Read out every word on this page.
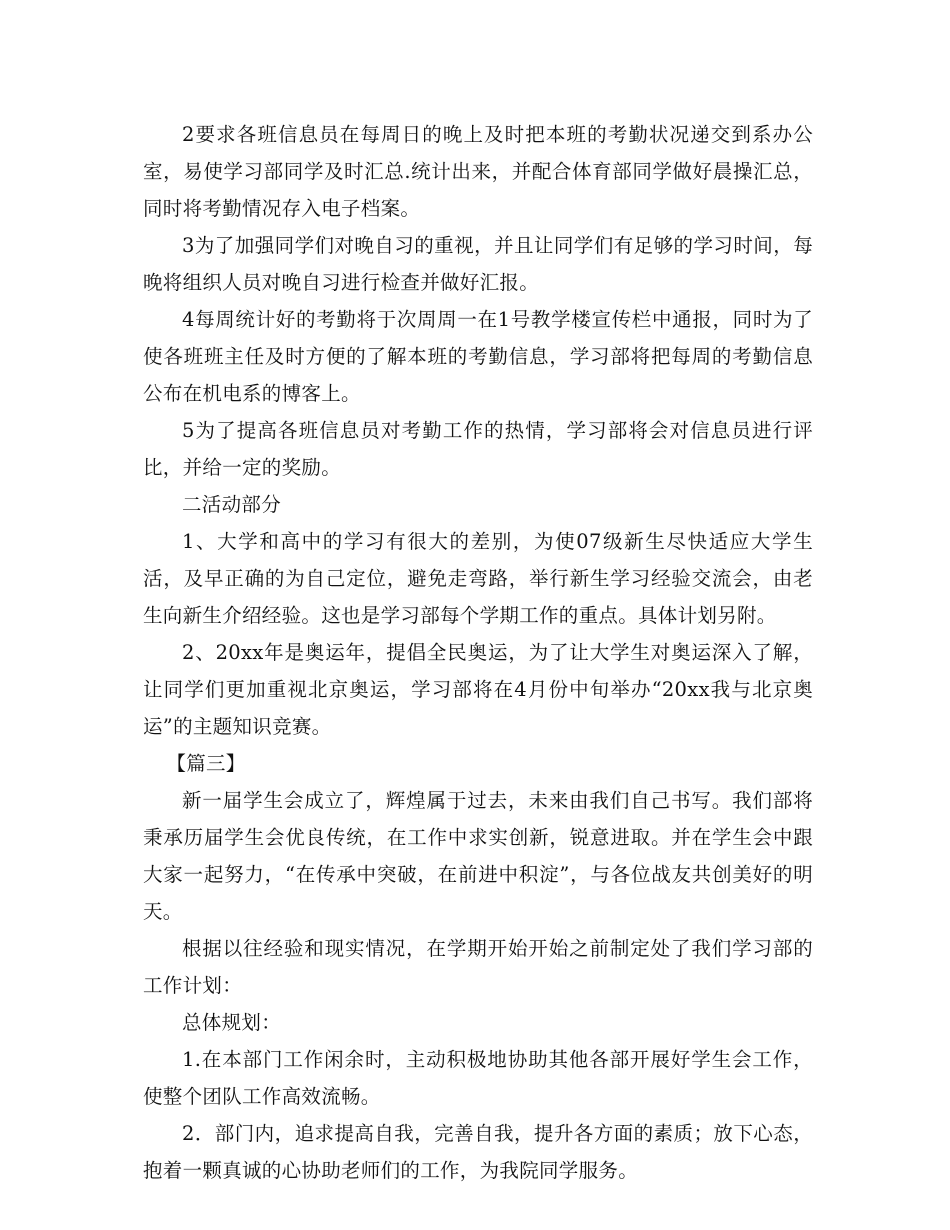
2要求各班信息员在每周日的晚上及时把本班的考勤状况递交到系办公室，易使学习部同学及时汇总.统计出来，并配合体育部同学做好晨操汇总，同时将考勤情况存入电子档案。

3为了加强同学们对晚自习的重视，并且让同学们有足够的学习时间，每晚将组织人员对晚自习进行检查并做好汇报。

4每周统计好的考勤将于次周周一在1号教学楼宣传栏中通报，同时为了使各班班主任及时方便的了解本班的考勤信息，学习部将把每周的考勤信息公布在机电系的博客上。

5为了提高各班信息员对考勤工作的热情，学习部将会对信息员进行评比，并给一定的奖励。

二活动部分

1、大学和高中的学习有很大的差别，为使07级新生尽快适应大学生活，及早正确的为自己定位，避免走弯路，举行新生学习经验交流会，由老生向新生介绍经验。这也是学习部每个学期工作的重点。具体计划另附。

2、20xx年是奥运年，提倡全民奥运，为了让大学生对奥运深入了解，让同学们更加重视北京奥运，学习部将在4月份中旬举办“20xx我与北京奥运”的主题知识竞赛。

【篇三】

新一届学生会成立了，辉煌属于过去，未来由我们自己书写。我们部将秉承历届学生会优良传统，在工作中求实创新，锐意进取。并在学生会中跟大家一起努力，“在传承中突破，在前进中积淀”，与各位战友共创美好的明天。

根据以往经验和现实情况，在学期开始开始之前制定处了我们学习部的工作计划：

总体规划：

1.在本部门工作闲余时，主动积极地协助其他各部开展好学生会工作，使整个团队工作高效流畅。

2．部门内，追求提高自我，完善自我，提升各方面的素质；放下心态，抱着一颗真诚的心协助老师们的工作，为我院同学服务。
